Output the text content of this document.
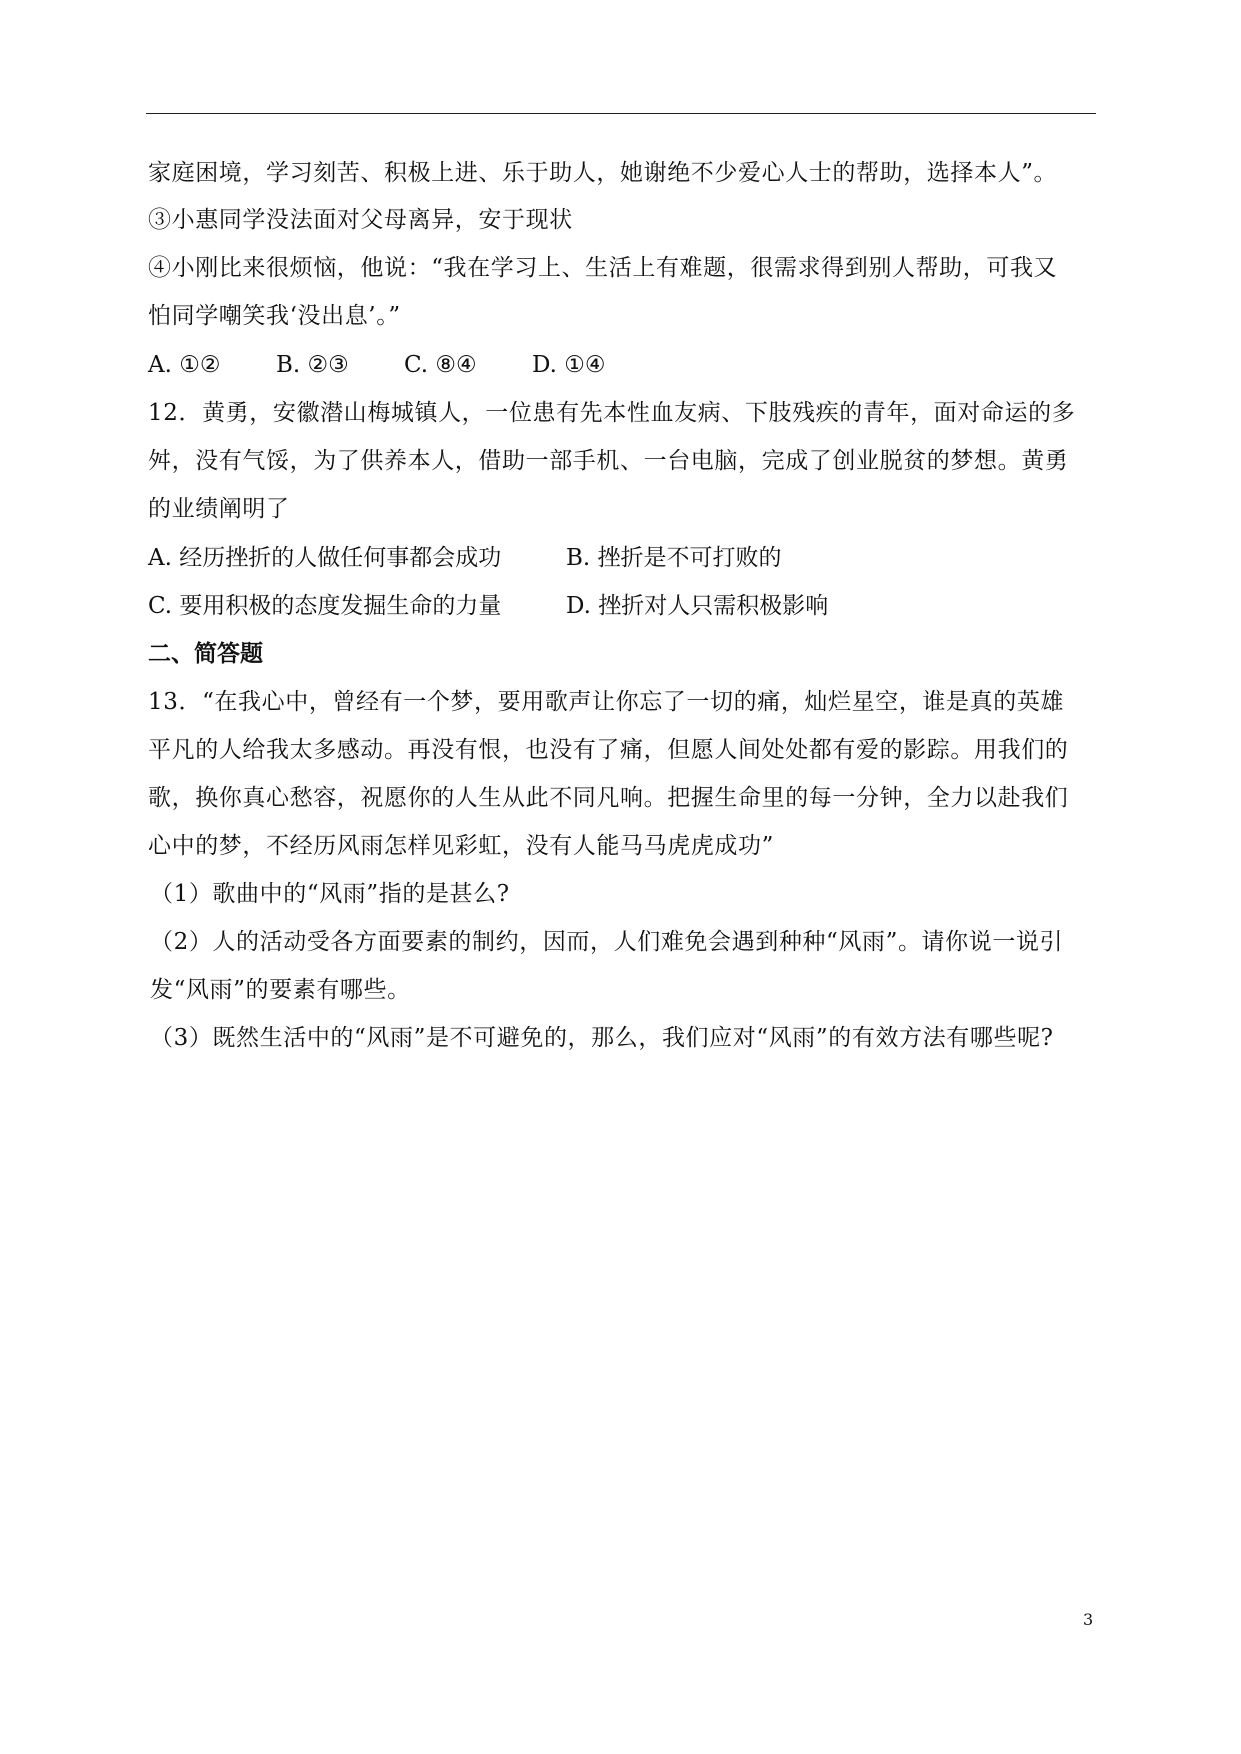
家庭困境，学习刻苦、积极上进、乐于助人，她谢绝不少爱心人士的帮助，选择本人”。
③小惠同学没法面对父母离异，安于现状
④小刚比来很烦恼，他说：“我在学习上、生活上有难题，很需求得到别人帮助，可我又
怕同学嘲笑我‘没出息’。”
A. ①② B. ②③ C. ⑧④ D. ①④
12．黄勇，安徽潜山梅城镇人，一位患有先本性血友病、下肢残疾的青年，面对命运的多
舛，没有气馁，为了供养本人，借助一部手机、一台电脑，完成了创业脱贫的梦想。黄勇
的业绩阐明了
A. 经历挫折的人做任何事都会成功	B. 挫折是不可打败的
C. 要用积极的态度发掘生命的力量	D. 挫折对人只需积极影响
二、简答题
13．“在我心中，曾经有一个梦，要用歌声让你忘了一切的痛，灿烂星空，谁是真的英雄
平凡的人给我太多感动。再没有恨，也没有了痛，但愿人间处处都有爱的影踪。用我们的
歌，换你真心愁容，祝愿你的人生从此不同凡响。把握生命里的每一分钟，全力以赴我们
心中的梦，不经历风雨怎样见彩虹，没有人能马马虎虎成功”
（1）歌曲中的“风雨”指的是甚么?
（2）人的活动受各方面要素的制约，因而，人们难免会遇到种种“风雨”。请你说一说引
发“风雨”的要素有哪些。
（3）既然生活中的“风雨”是不可避免的，那么，我们应对“风雨”的有效方法有哪些呢?
3
